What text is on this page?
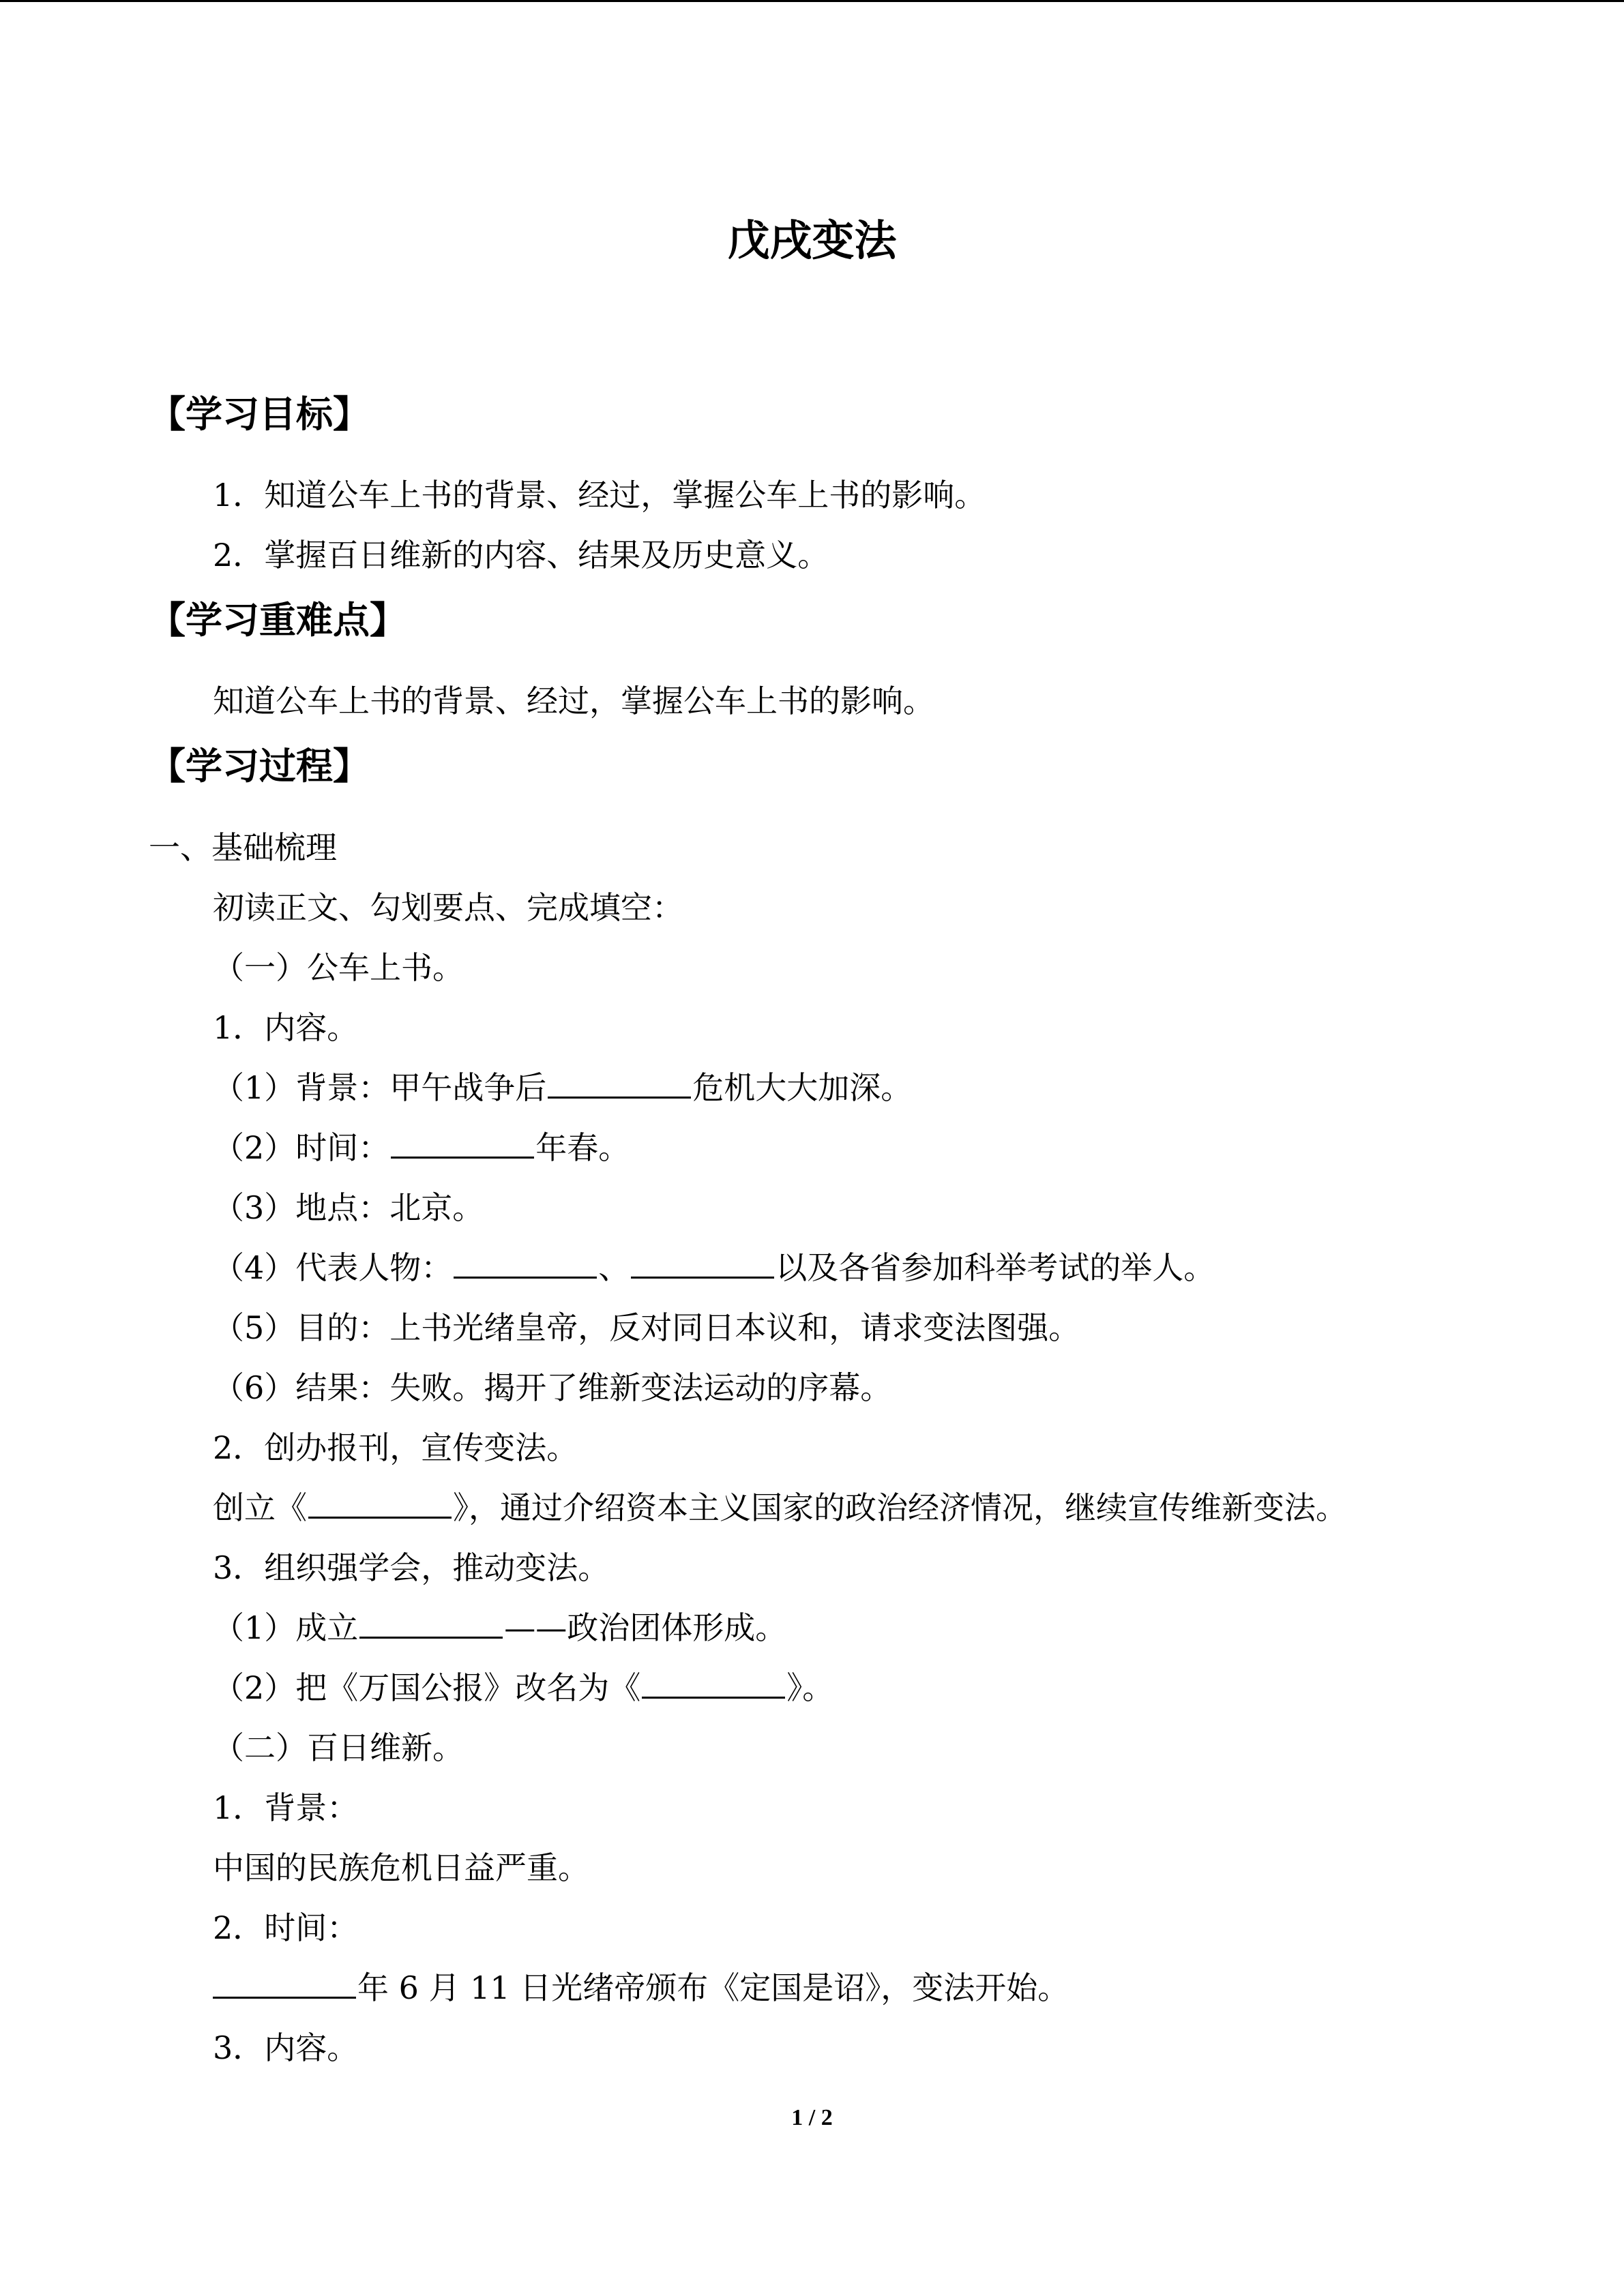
戊戌变法
【学习目标】
1．知道公车上书的背景、经过，掌握公车上书的影响。
2．掌握百日维新的内容、结果及历史意义。
【学习重难点】
知道公车上书的背景、经过，掌握公车上书的影响。
【学习过程】
一、基础梳理
初读正文、勾划要点、完成填空：
（一）公车上书。
1．内容。
（1）背景：甲午战争后	危机大大加深。
（2）时间：	年春。
（3）地点：北京。
（4）代表人物：	、	以及各省参加科举考试的举人。
（5）目的：上书光绪皇帝，反对同日本议和，请求变法图强。
（6）结果：失败。揭开了维新变法运动的序幕。
2．创办报刊，宣传变法。
创立《	》，通过介绍资本主义国家的政治经济情况，继续宣传维新变法。
3．组织强学会，推动变法。
（1）成立	——政治团体形成。
（2）把《万国公报》改名为《	》。
（二）百日维新。
1．背景：
中国的民族危机日益严重。
2．时间：
年 6 月 11 日光绪帝颁布《定国是诏》，变法开始。
3．内容。
1 / 2
